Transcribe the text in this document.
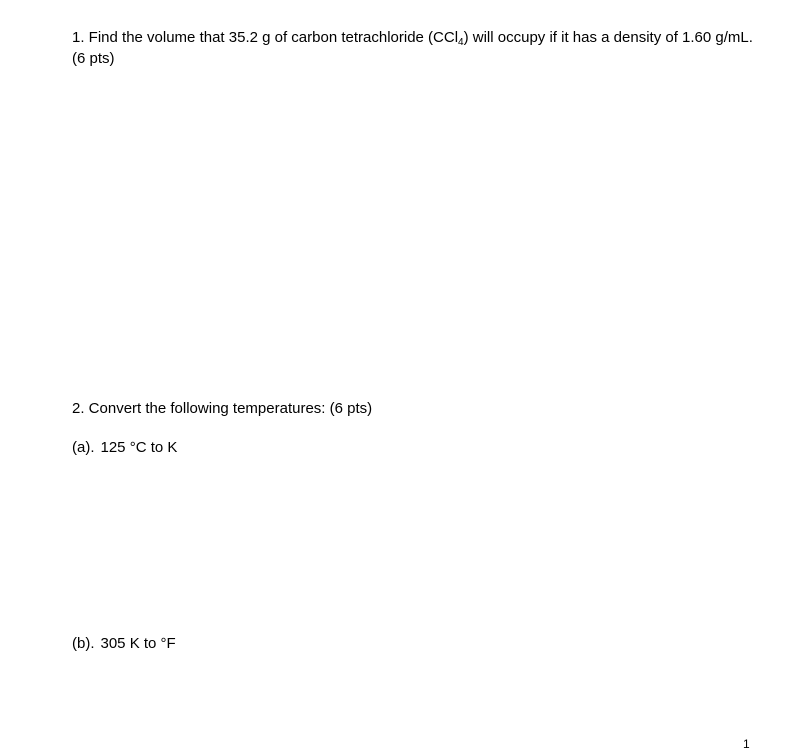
1. Find the volume that 35.2 g of carbon tetrachloride (CCl$_4$) will occupy if it has a density of 1.60 g/mL.
(6 pts)
2. Convert the following temperatures: (6 pts)
(a). 125 °C to K
(b). 305 K to °F
1
